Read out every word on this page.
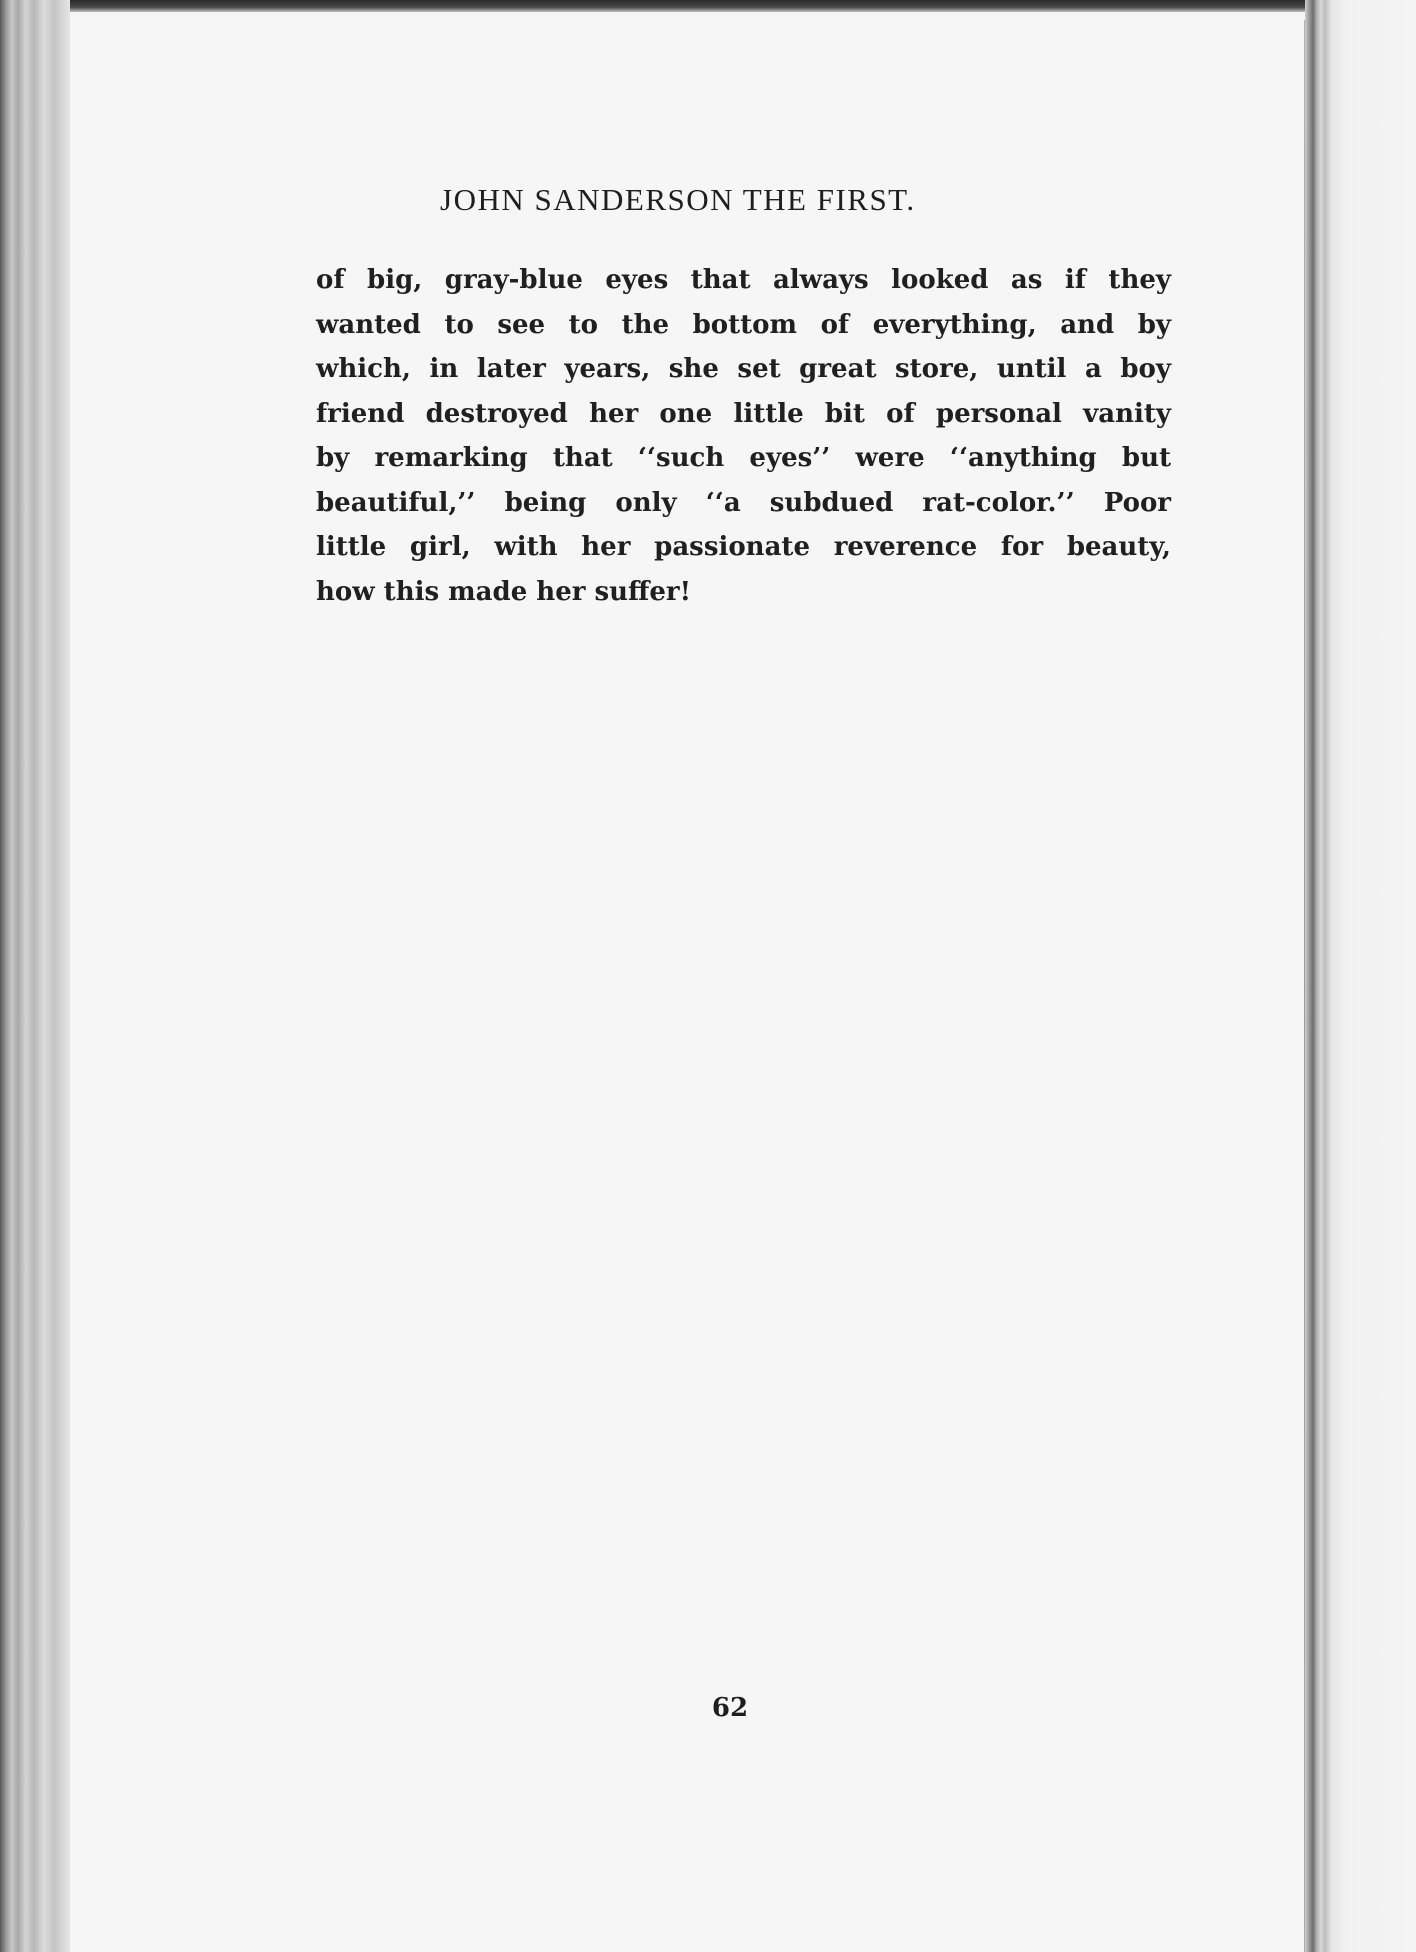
JOHN SANDERSON THE FIRST.
of big, gray-blue eyes that always looked as if they
wanted to see to the bottom of everything, and by
which, in later years, she set great store, until a boy
friend destroyed her one little bit of personal vanity
by remarking that ‘‘such eyes’’ were ‘‘anything but
beautiful,’’ being only ‘‘a subdued rat-color.’’ Poor
little girl, with her passionate reverence for beauty,
how this made her suffer!
62
